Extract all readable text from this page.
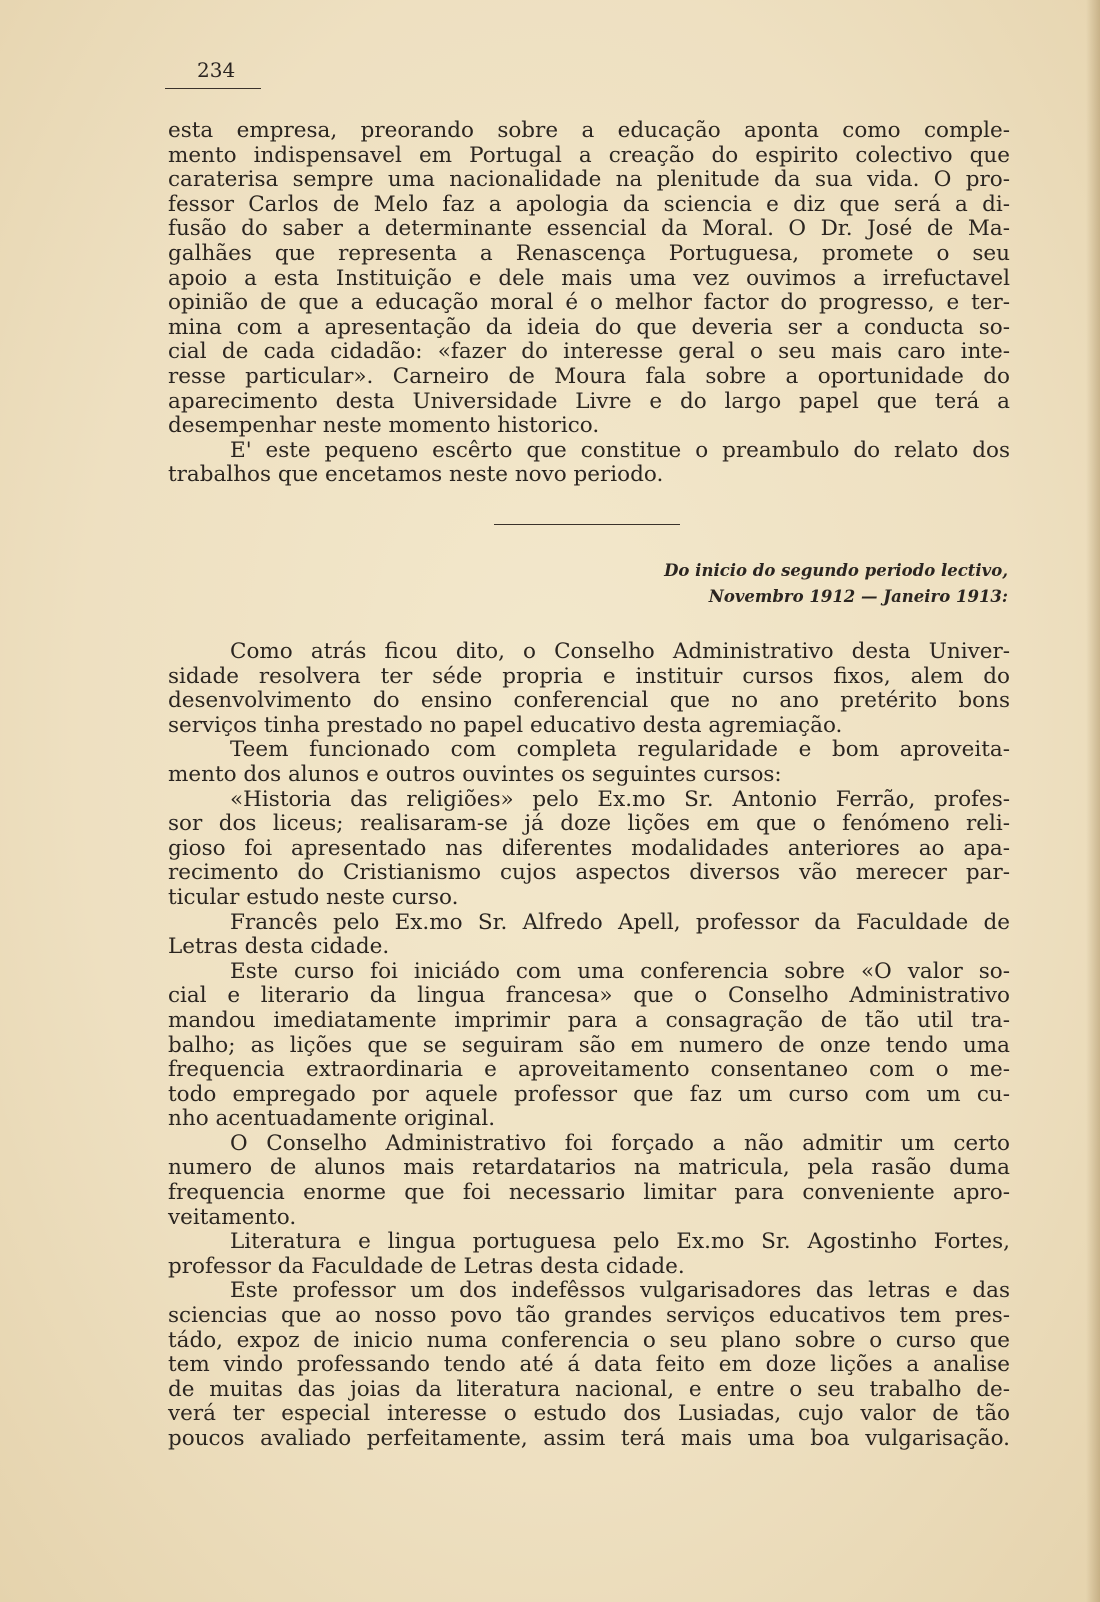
234
esta empresa, preorando sobre a educação aponta como comple-
mento indispensavel em Portugal a creação do espirito colectivo que
caraterisa sempre uma nacionalidade na plenitude da sua vida. O pro-
fessor Carlos de Melo faz a apologia da sciencia e diz que será a di-
fusão do saber a determinante essencial da Moral. O Dr. José de Ma-
galhães que representa a Renascença Portuguesa, promete o seu
apoio a esta Instituição e dele mais uma vez ouvimos a irrefuctavel
opinião de que a educação moral é o melhor factor do progresso, e ter-
mina com a apresentação da ideia do que deveria ser a conducta so-
cial de cada cidadão: «fazer do interesse geral o seu mais caro inte-
resse particular». Carneiro de Moura fala sobre a oportunidade do
aparecimento desta Universidade Livre e do largo papel que terá a
desempenhar neste momento historico.
E' este pequeno escêrto que constitue o preambulo do relato dos
trabalhos que encetamos neste novo periodo.
Do inicio do segundo periodo lectivo,
Novembro 1912 — Janeiro 1913:
Como atrás ficou dito, o Conselho Administrativo desta Univer-
sidade resolvera ter séde propria e instituir cursos fixos, alem do
desenvolvimento do ensino conferencial que no ano pretérito bons
serviços tinha prestado no papel educativo desta agremiação.
Teem funcionado com completa regularidade e bom aproveita-
mento dos alunos e outros ouvintes os seguintes cursos:
«Historia das religiões» pelo Ex.mo Sr. Antonio Ferrão, profes-
sor dos liceus; realisaram-se já doze lições em que o fenómeno reli-
gioso foi apresentado nas diferentes modalidades anteriores ao apa-
recimento do Cristianismo cujos aspectos diversos vão merecer par-
ticular estudo neste curso.
Francês pelo Ex.mo Sr. Alfredo Apell, professor da Faculdade de
Letras desta cidade.
Este curso foi iniciádo com uma conferencia sobre «O valor so-
cial e literario da lingua francesa» que o Conselho Administrativo
mandou imediatamente imprimir para a consagração de tão util tra-
balho; as lições que se seguiram são em numero de onze tendo uma
frequencia extraordinaria e aproveitamento consentaneo com o me-
todo empregado por aquele professor que faz um curso com um cu-
nho acentuadamente original.
O Conselho Administrativo foi forçado a não admitir um certo
numero de alunos mais retardatarios na matricula, pela rasão duma
frequencia enorme que foi necessario limitar para conveniente apro-
veitamento.
Literatura e lingua portuguesa pelo Ex.mo Sr. Agostinho Fortes,
professor da Faculdade de Letras desta cidade.
Este professor um dos indefêssos vulgarisadores das letras e das
sciencias que ao nosso povo tão grandes serviços educativos tem pres-
tádo, expoz de inicio numa conferencia o seu plano sobre o curso que
tem vindo professando tendo até á data feito em doze lições a analise
de muitas das joias da literatura nacional, e entre o seu trabalho de-
verá ter especial interesse o estudo dos Lusiadas, cujo valor de tão
poucos avaliado perfeitamente, assim terá mais uma boa vulgarisação.
